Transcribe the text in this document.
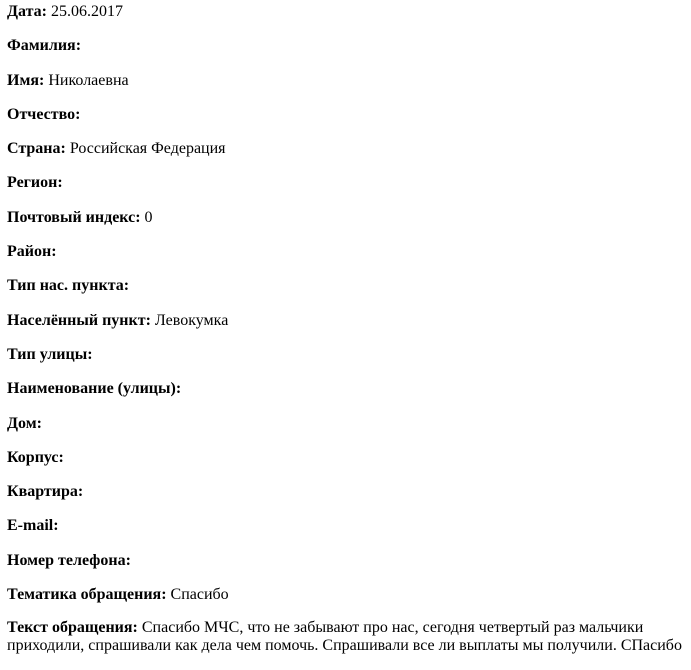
Дата: 25.06.2017

Фамилия:

Имя: Николаевна

Отчество:

Страна: Российская Федерация

Регион:

Почтовый индекс: 0

Район:

Тип нас. пункта:

Населённый пункт: Левокумка

Тип улицы:

Наименование (улицы):

Дом:

Корпус:

Квартира:

E-mail:

Номер телефона:

Тематика обращения: Спасибо

Текст обращения: Спасибо МЧС, что не забывают про нас, сегодня четвертый раз мальчики приходили, спрашивали как дела чем помочь. Спрашивали все ли выплаты мы получили. СПасибо
